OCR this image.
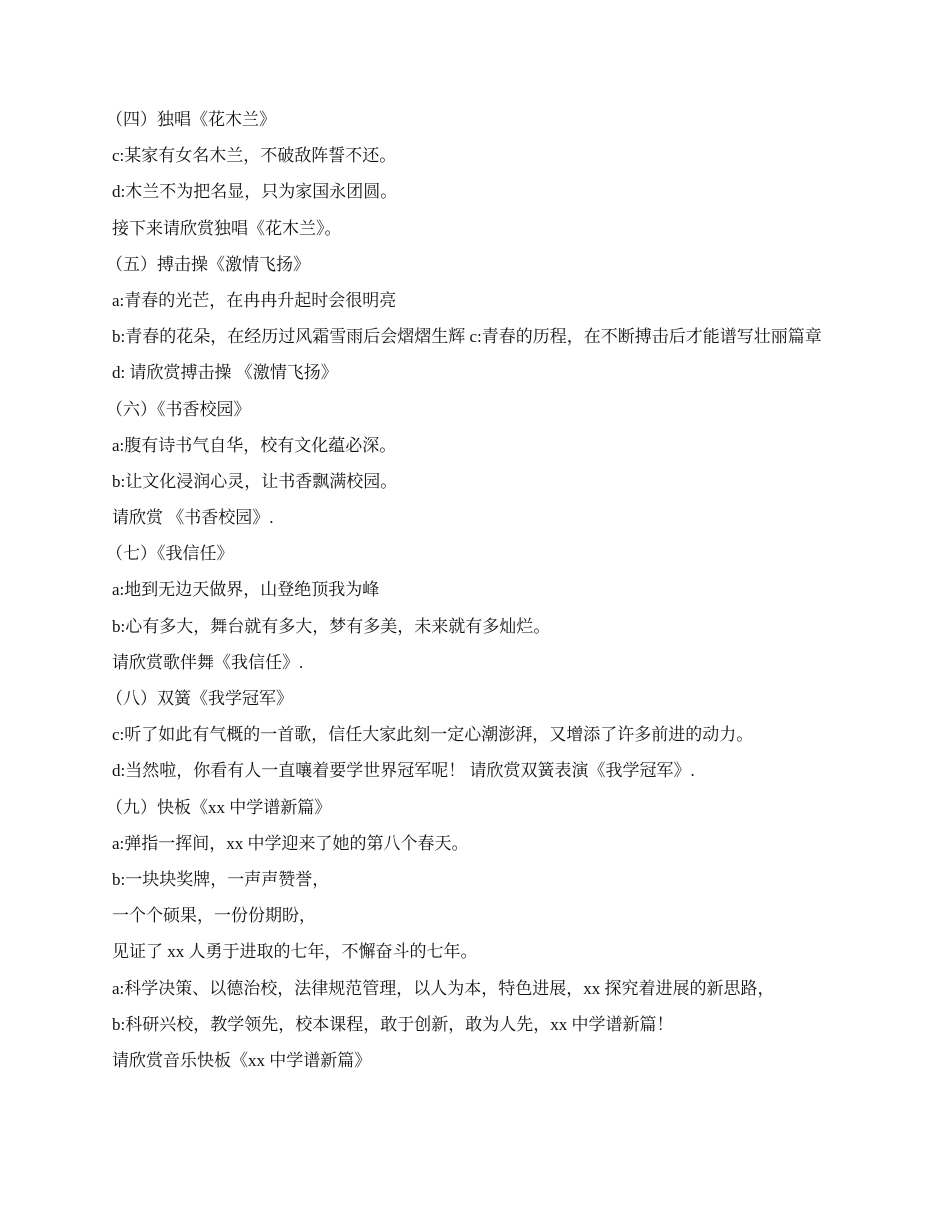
（四）独唱《花木兰》

c:某家有女名木兰，不破敌阵誓不还。

d:木兰不为把名显，只为家国永团圆。

接下来请欣赏独唱《花木兰》。

（五）搏击操《激情飞扬》

a:青春的光芒，在冉冉升起时会很明亮

b:青春的花朵，在经历过风霜雪雨后会熠熠生辉 c:青春的历程，在不断搏击后才能谱写壮丽篇章

d: 请欣赏搏击操 《激情飞扬》

（六）《书香校园》

a:腹有诗书气自华，校有文化蕴必深。

b:让文化浸润心灵，让书香飘满校园。

请欣赏 《书香校园》.

（七）《我信任》

a:地到无边天做界，山登绝顶我为峰

b:心有多大，舞台就有多大，梦有多美，未来就有多灿烂。

请欣赏歌伴舞《我信任》.

（八）双簧《我学冠军》

c:听了如此有气概的一首歌，信任大家此刻一定心潮澎湃，又增添了许多前进的动力。

d:当然啦，你看有人一直嚷着要学世界冠军呢！ 请欣赏双簧表演《我学冠军》.

（九）快板《xx 中学谱新篇》

a:弹指一挥间，xx 中学迎来了她的第八个春天。

b:一块块奖牌，一声声赞誉，

一个个硕果，一份份期盼，

见证了 xx 人勇于进取的七年，不懈奋斗的七年。

a:科学决策、以德治校，法律规范管理，以人为本，特色进展，xx 探究着进展的新思路，

b:科研兴校，教学领先，校本课程，敢于创新，敢为人先，xx 中学谱新篇！

请欣赏音乐快板《xx 中学谱新篇》
